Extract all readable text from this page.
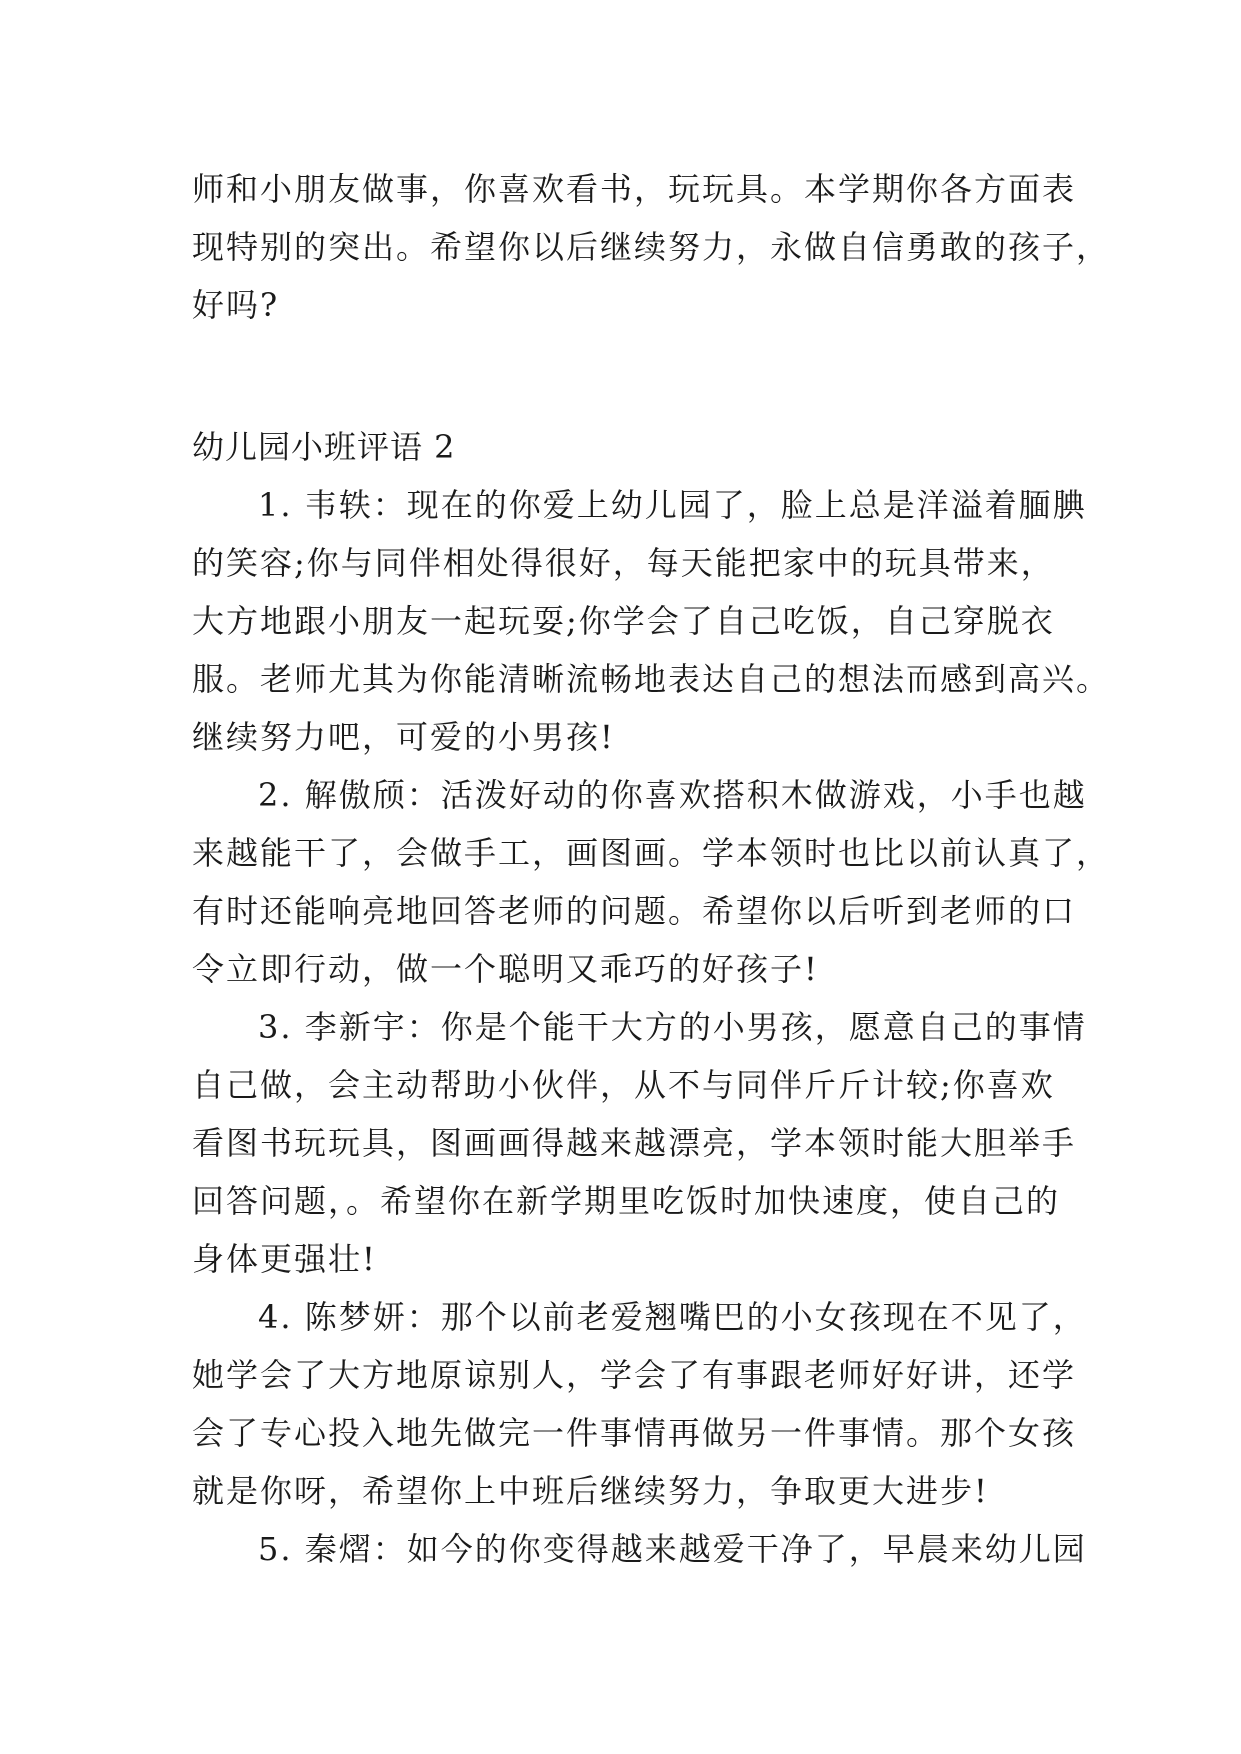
师和小朋友做事，你喜欢看书，玩玩具。本学期你各方面表
现特别的突出。希望你以后继续努力，永做自信勇敢的孩子，
好吗?
幼儿园小班评语 2
1. 韦轶：现在的你爱上幼儿园了，脸上总是洋溢着腼腆
的笑容;你与同伴相处得很好，每天能把家中的玩具带来，
大方地跟小朋友一起玩耍;你学会了自己吃饭，自己穿脱衣
服。老师尤其为你能清晰流畅地表达自己的想法而感到高兴。
继续努力吧，可爱的小男孩!
2. 解傲颀：活泼好动的你喜欢搭积木做游戏，小手也越
来越能干了，会做手工，画图画。学本领时也比以前认真了，
有时还能响亮地回答老师的问题。希望你以后听到老师的口
令立即行动，做一个聪明又乖巧的好孩子!
3. 李新宇：你是个能干大方的小男孩，愿意自己的事情
自己做，会主动帮助小伙伴，从不与同伴斤斤计较;你喜欢
看图书玩玩具，图画画得越来越漂亮，学本领时能大胆举手
回答问题，。希望你在新学期里吃饭时加快速度，使自己的
身体更强壮!
4. 陈梦妍：那个以前老爱翘嘴巴的小女孩现在不见了，
她学会了大方地原谅别人，学会了有事跟老师好好讲，还学
会了专心投入地先做完一件事情再做另一件事情。那个女孩
就是你呀，希望你上中班后继续努力，争取更大进步!
5. 秦熠：如今的你变得越来越爱干净了，早晨来幼儿园
